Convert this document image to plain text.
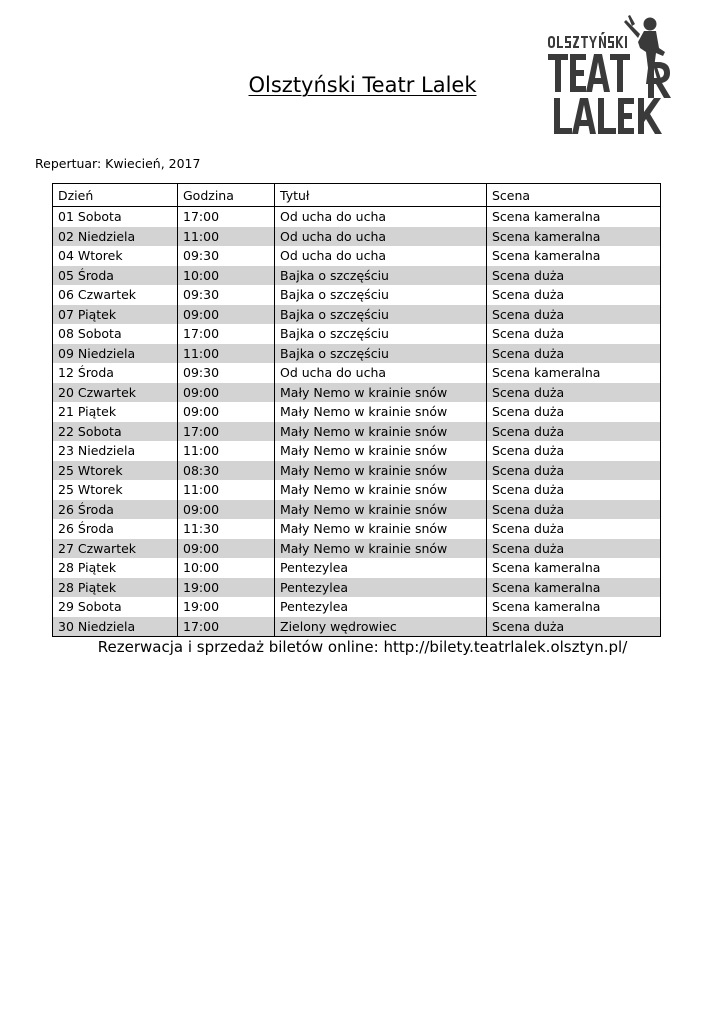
Olsztyński Teatr Lalek
Repertuar: Kwiecień, 2017
Dzień	Godzina	Tytuł	Scena
01 Sobota	17:00	Od ucha do ucha	Scena kameralna
02 Niedziela	11:00	Od ucha do ucha	Scena kameralna
04 Wtorek	09:30	Od ucha do ucha	Scena kameralna
05 Środa	10:00	Bajka o szczęściu	Scena duża
06 Czwartek	09:30	Bajka o szczęściu	Scena duża
07 Piątek	09:00	Bajka o szczęściu	Scena duża
08 Sobota	17:00	Bajka o szczęściu	Scena duża
09 Niedziela	11:00	Bajka o szczęściu	Scena duża
12 Środa	09:30	Od ucha do ucha	Scena kameralna
20 Czwartek	09:00	Mały Nemo w krainie snów	Scena duża
21 Piątek	09:00	Mały Nemo w krainie snów	Scena duża
22 Sobota	17:00	Mały Nemo w krainie snów	Scena duża
23 Niedziela	11:00	Mały Nemo w krainie snów	Scena duża
25 Wtorek	08:30	Mały Nemo w krainie snów	Scena duża
25 Wtorek	11:00	Mały Nemo w krainie snów	Scena duża
26 Środa	09:00	Mały Nemo w krainie snów	Scena duża
26 Środa	11:30	Mały Nemo w krainie snów	Scena duża
27 Czwartek	09:00	Mały Nemo w krainie snów	Scena duża
28 Piątek	10:00	Pentezylea	Scena kameralna
28 Piątek	19:00	Pentezylea	Scena kameralna
29 Sobota	19:00	Pentezylea	Scena kameralna
30 Niedziela	17:00	Zielony wędrowiec	Scena duża
Rezerwacja i sprzedaż biletów online: http://bilety.teatrlalek.olsztyn.pl/
